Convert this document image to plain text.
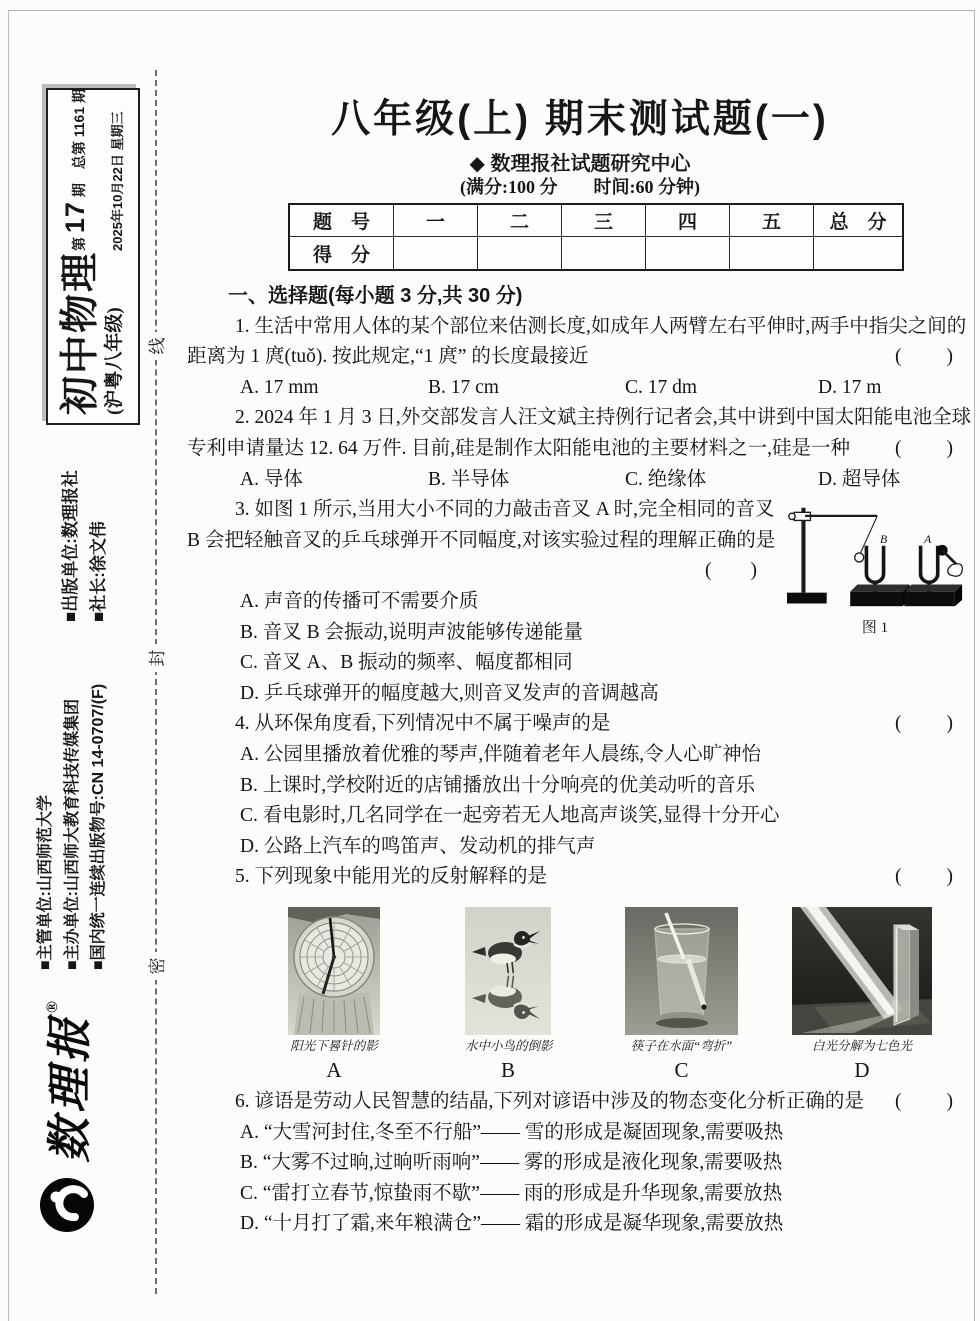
线
封
密
初中物理 (沪粤八年级)
第 17 期　总第 1161 期	2025年10月22日 星期三
■出版单位:数理报社 ■社长:徐文伟
■主管单位:山西师范大学 ■主办单位:山西师大教育科技传媒集团 ■国内统一连续出版物号:CN 14-0707/(F)
数理报®
八年级(上) 期末测试题(一)
◆ 数理报社试题研究中心
(满分:100 分　　时间:60 分钟)
题　号	一	二	三	四	五	总　分
得　分
一、选择题(每小题 3 分,共 30 分)
1. 生活中常用人体的某个部位来估测长度,如成年人两臂左右平伸时,两手中指尖之间的
(　　)
距离为 1 庹(tuǒ). 按此规定,“1 庹” 的长度最接近
A. 17 mm	B. 17 cm	C. 17 dm	D. 17 m
2. 2024 年 1 月 3 日,外交部发言人汪文斌主持例行记者会,其中讲到中国太阳能电池全球
(　　)
专利申请量达 12. 64 万件. 目前,硅是制作太阳能电池的主要材料之一,硅是一种
A. 导体	B. 半导体	C. 绝缘体	D. 超导体
3. 如图 1 所示,当用大小不同的力敲击音叉 A 时,完全相同的音叉
B 会把轻触音叉的乒乓球弹开不同幅度,对该实验过程的理解正确的是
(　　)
A. 声音的传播可不需要介质
B. 音叉 B 会振动,说明声波能够传递能量
C. 音叉 A、B 振动的频率、幅度都相同
D. 乒乓球弹开的幅度越大,则音叉发声的音调越高
B	A
图 1
(　　)
4. 从环保角度看,下列情况中不属于噪声的是
A. 公园里播放着优雅的琴声,伴随着老年人晨练,令人心旷神怡
B. 上课时,学校附近的店铺播放出十分响亮的优美动听的音乐
C. 看电影时,几名同学在一起旁若无人地高声谈笑,显得十分开心
D. 公路上汽车的鸣笛声、发动机的排气声
(　　)
5. 下列现象中能用光的反射解释的是
阳光下晷针的影
A
水中小鸟的倒影
B
筷子在水面“弯折”
C
白光分解为七色光
D
(　　)
6. 谚语是劳动人民智慧的结晶,下列对谚语中涉及的物态变化分析正确的是
A. “大雪河封住,冬至不行船”—— 雪的形成是凝固现象,需要吸热
B. “大雾不过晌,过晌听雨响”—— 雾的形成是液化现象,需要吸热
C. “雷打立春节,惊蛰雨不歇”—— 雨的形成是升华现象,需要放热
D. “十月打了霜,来年粮满仓”—— 霜的形成是凝华现象,需要放热
